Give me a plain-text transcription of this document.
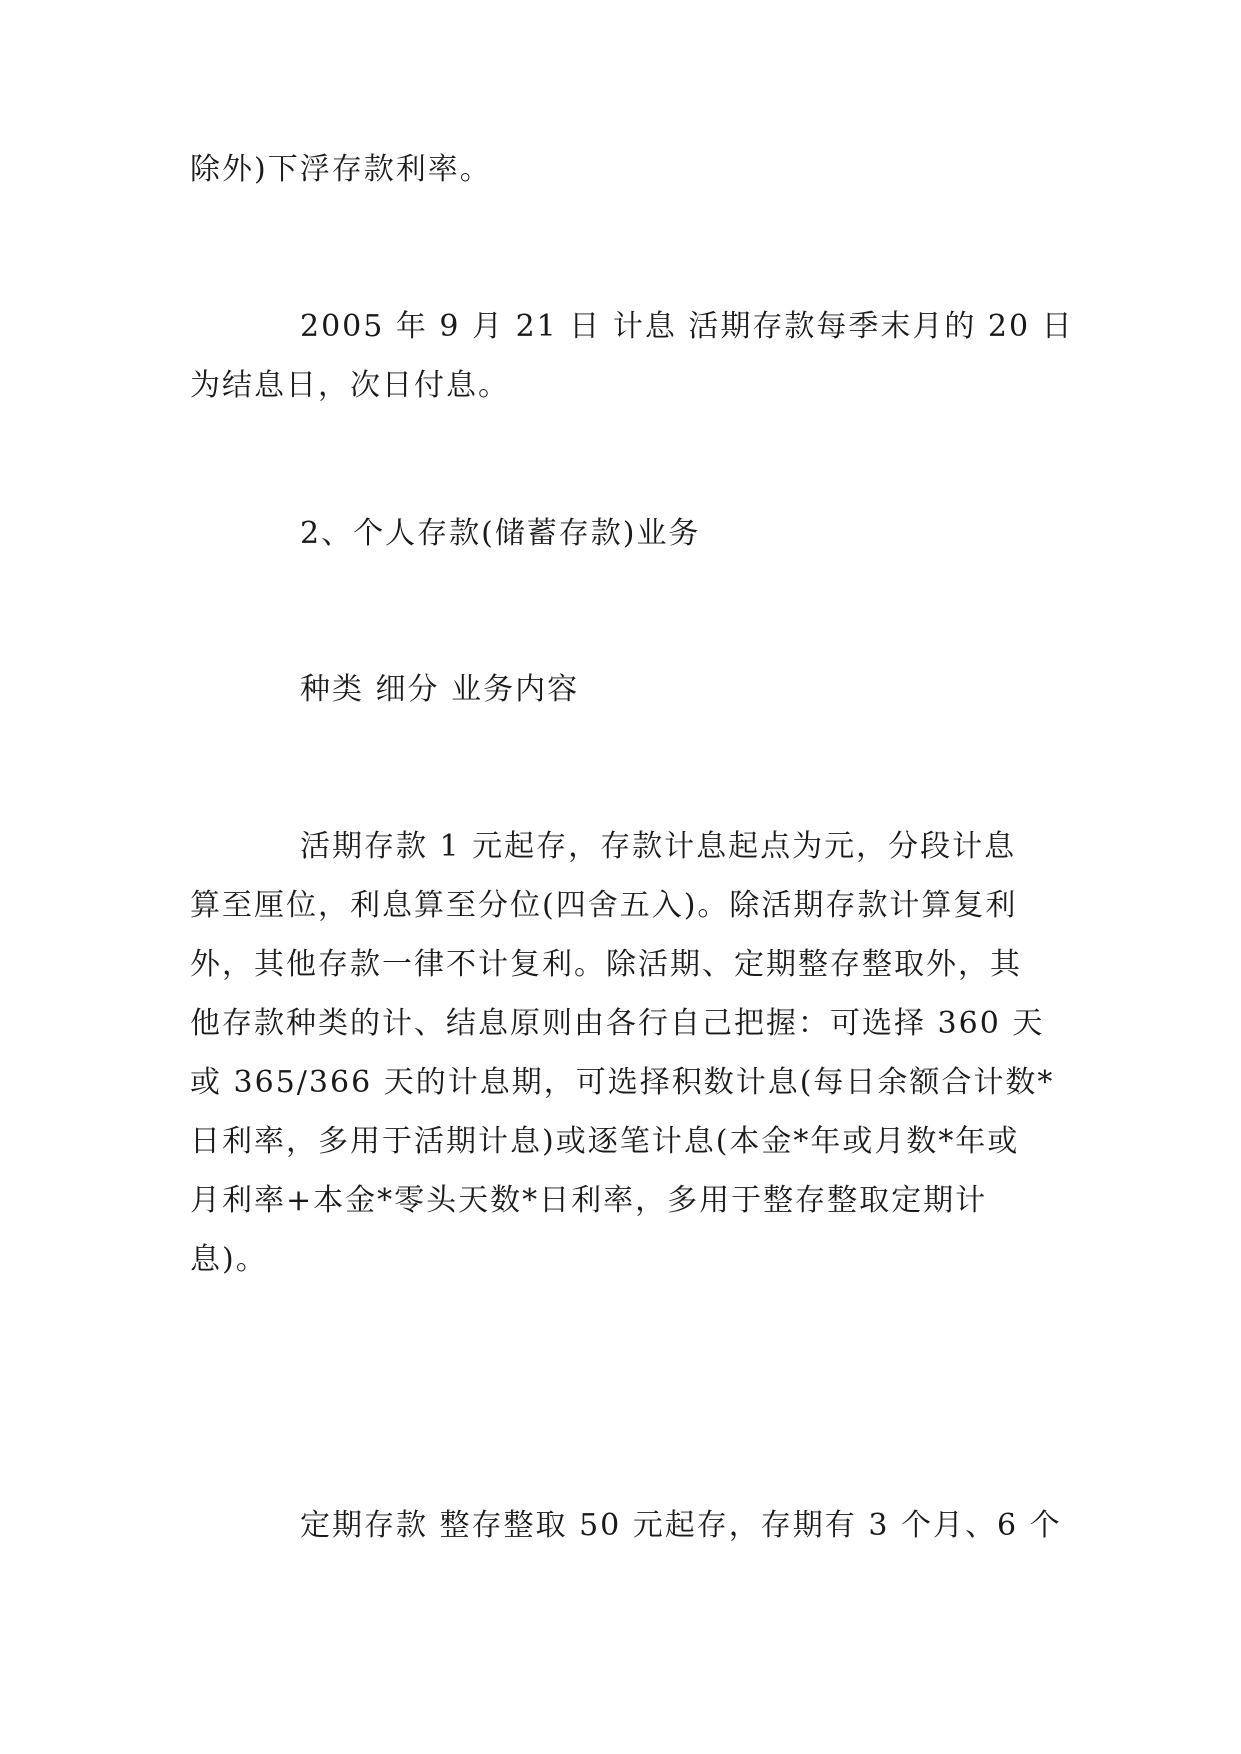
除外)下浮存款利率。

2005 年 9 月 21 日 计息 活期存款每季末月的 20 日
为结息日，次日付息。

2、个人存款(储蓄存款)业务

种类 细分 业务内容

活期存款 1 元起存，存款计息起点为元，分段计息
算至厘位，利息算至分位(四舍五入)。除活期存款计算复利
外，其他存款一律不计复利。除活期、定期整存整取外，其
他存款种类的计、结息原则由各行自己把握：可选择 360 天
或 365/366 天的计息期，可选择积数计息(每日余额合计数*
日利率，多用于活期计息)或逐笔计息(本金*年或月数*年或
月利率+本金*零头天数*日利率，多用于整存整取定期计
息)。

定期存款 整存整取 50 元起存，存期有 3 个月、6 个
